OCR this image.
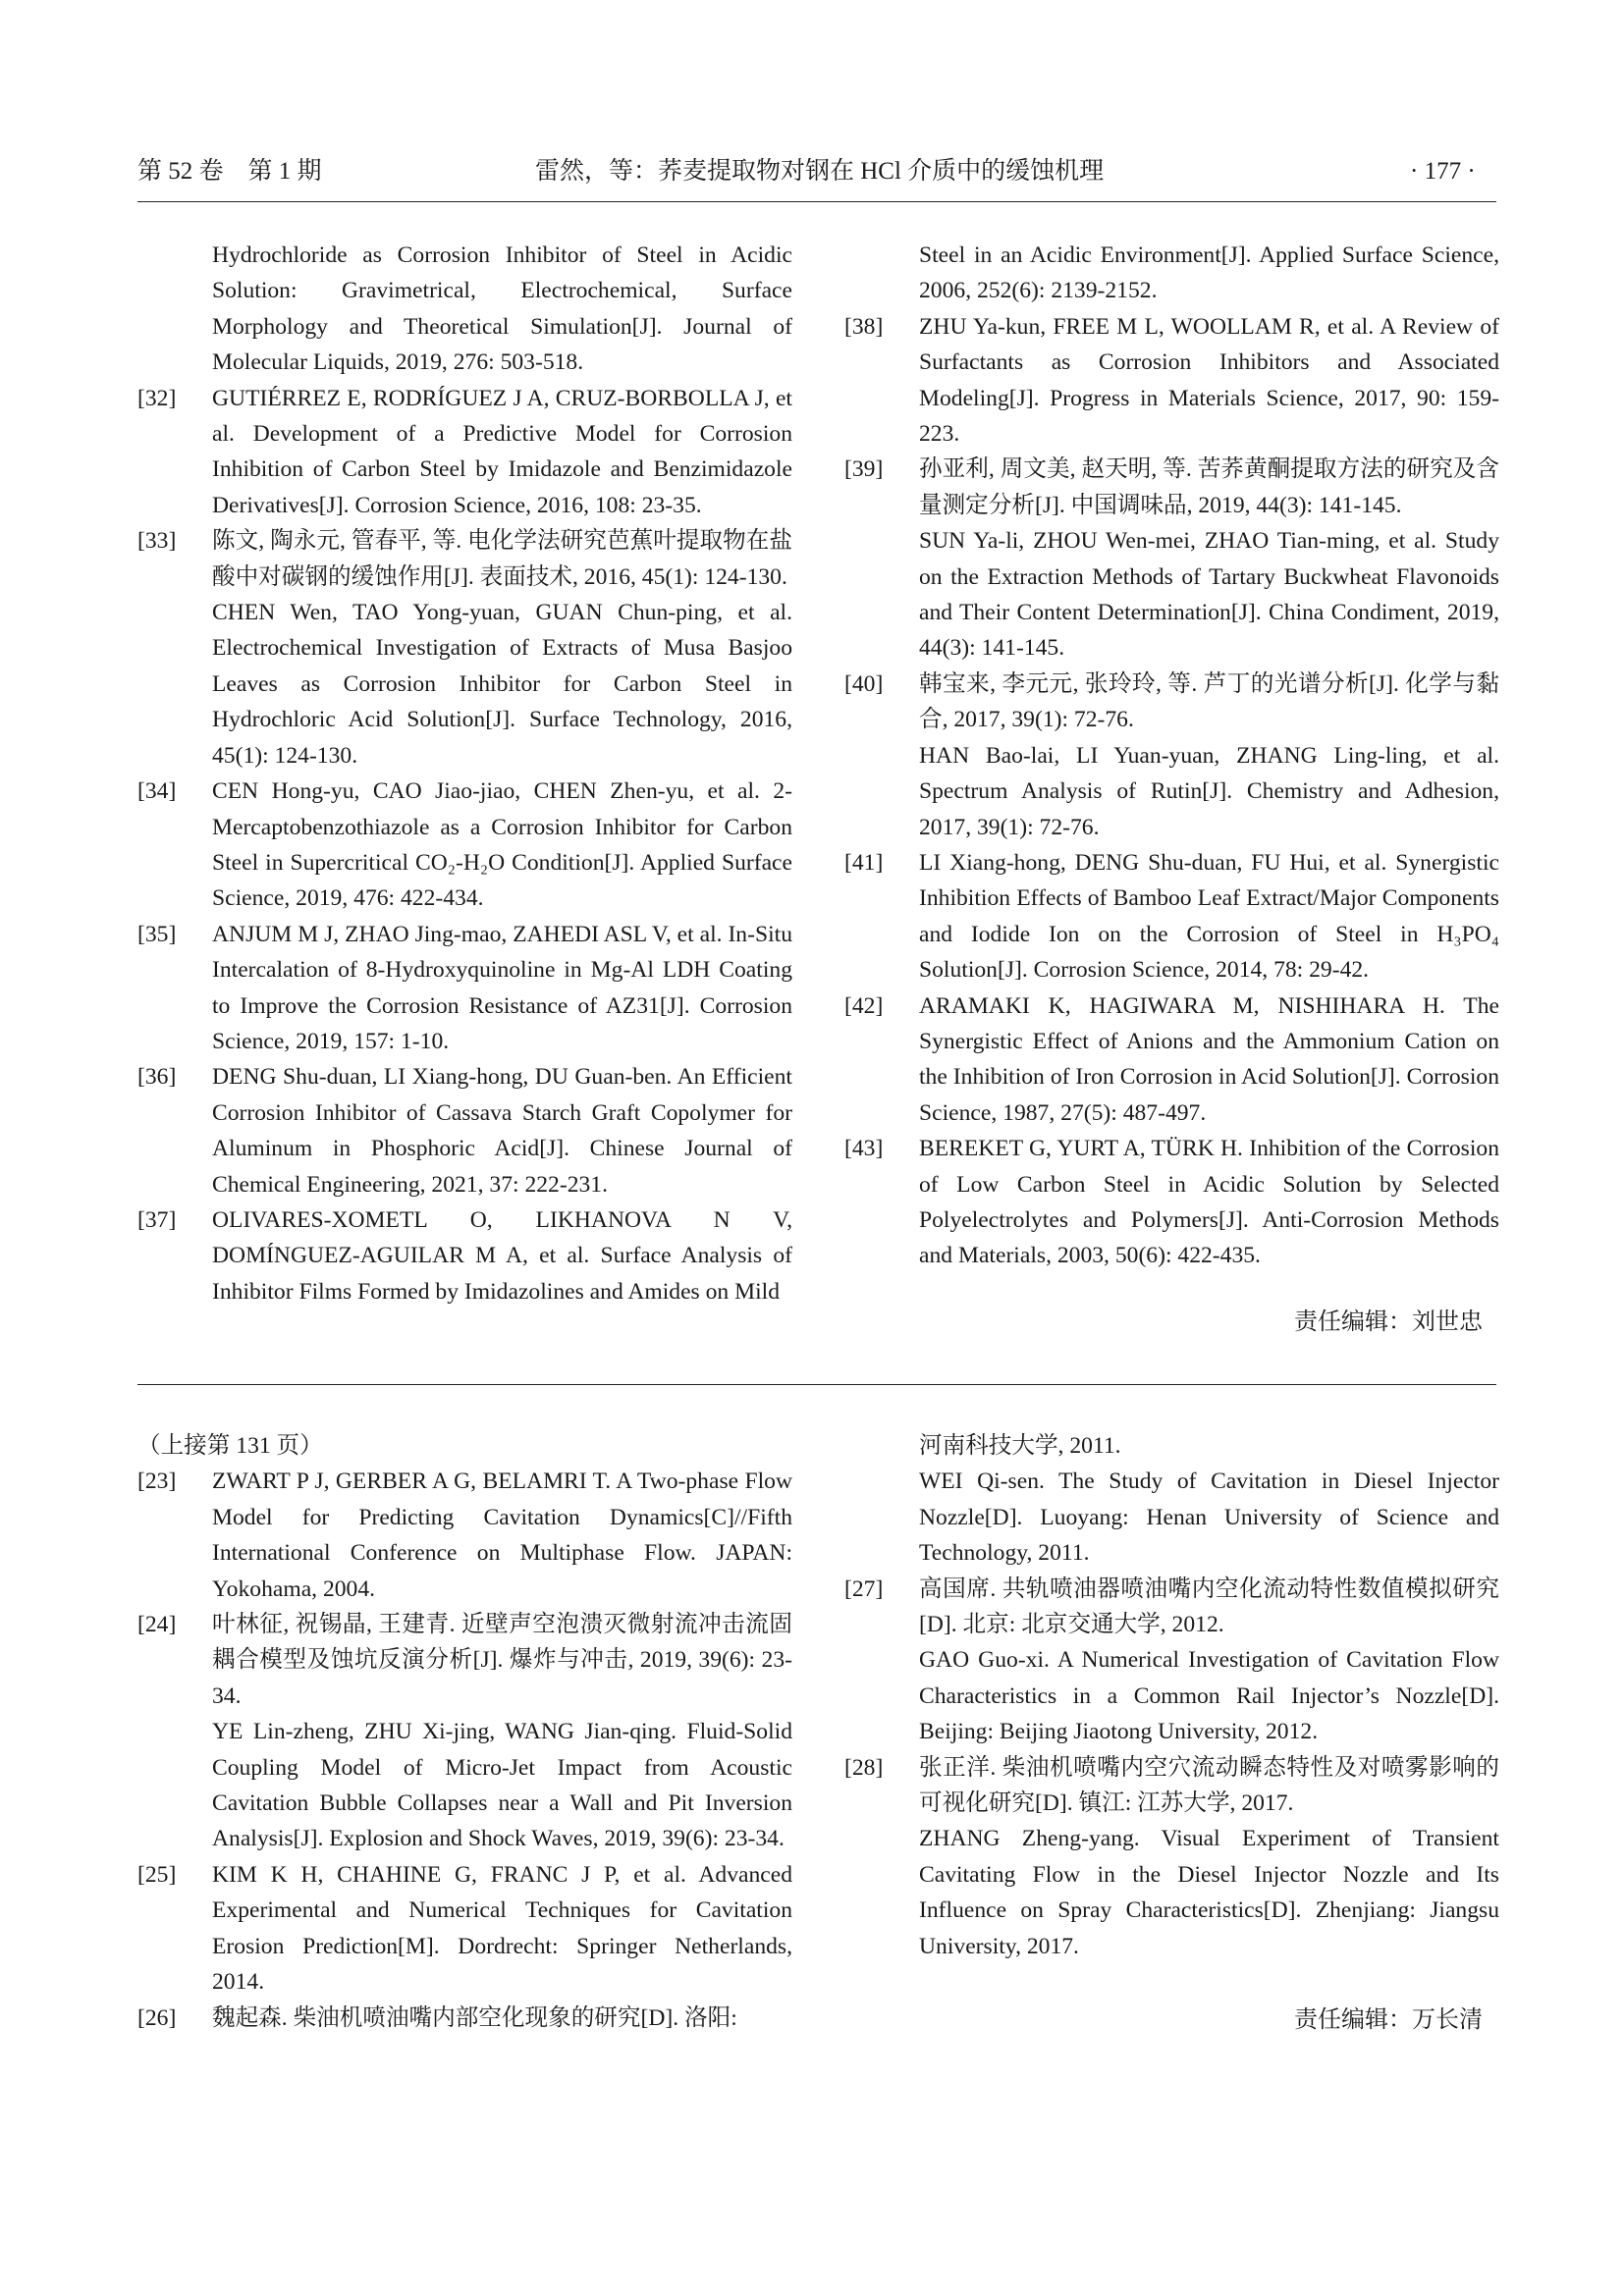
第 52 卷　第 1 期	雷然，等：荞麦提取物对钢在 HCl 介质中的缓蚀机理	· 177 ·
Hydrochloride as Corrosion Inhibitor of Steel in Acidic Solution: Gravimetrical, Electrochemical, Surface Morphology and Theoretical Simulation[J]. Journal of Molecular Liquids, 2019, 276: 503-518.
[32] GUTIÉRREZ E, RODRÍGUEZ J A, CRUZ-BORBOLLA J, et al. Development of a Predictive Model for Corrosion Inhibition of Carbon Steel by Imidazole and Benzimidazole Derivatives[J]. Corrosion Science, 2016, 108: 23-35.
[33] 陈文, 陶永元, 管春平, 等. 电化学法研究芭蕉叶提取物在盐酸中对碳钢的缓蚀作用[J]. 表面技术, 2016, 45(1): 124-130.
CHEN Wen, TAO Yong-yuan, GUAN Chun-ping, et al. Electrochemical Investigation of Extracts of Musa Basjoo Leaves as Corrosion Inhibitor for Carbon Steel in Hydrochloric Acid Solution[J]. Surface Technology, 2016, 45(1): 124-130.
[34] CEN Hong-yu, CAO Jiao-jiao, CHEN Zhen-yu, et al. 2-Mercaptobenzothiazole as a Corrosion Inhibitor for Carbon Steel in Supercritical CO₂-H₂O Condition[J]. Applied Surface Science, 2019, 476: 422-434.
[35] ANJUM M J, ZHAO Jing-mao, ZAHEDI ASL V, et al. In-Situ Intercalation of 8-Hydroxyquinoline in Mg-Al LDH Coating to Improve the Corrosion Resistance of AZ31[J]. Corrosion Science, 2019, 157: 1-10.
[36] DENG Shu-duan, LI Xiang-hong, DU Guan-ben. An Efficient Corrosion Inhibitor of Cassava Starch Graft Copolymer for Aluminum in Phosphoric Acid[J]. Chinese Journal of Chemical Engineering, 2021, 37: 222-231.
[37] OLIVARES-XOMETL O, LIKHANOVA N V, DOMÍNGUEZ-AGUILAR M A, et al. Surface Analysis of Inhibitor Films Formed by Imidazolines and Amides on Mild
Steel in an Acidic Environment[J]. Applied Surface Science, 2006, 252(6): 2139-2152.
[38] ZHU Ya-kun, FREE M L, WOOLLAM R, et al. A Review of Surfactants as Corrosion Inhibitors and Associated Modeling[J]. Progress in Materials Science, 2017, 90: 159-223.
[39] 孙亚利, 周文美, 赵天明, 等. 苦荞黄酮提取方法的研究及含量测定分析[J]. 中国调味品, 2019, 44(3): 141-145.
SUN Ya-li, ZHOU Wen-mei, ZHAO Tian-ming, et al. Study on the Extraction Methods of Tartary Buckwheat Flavonoids and Their Content Determination[J]. China Condiment, 2019, 44(3): 141-145.
[40] 韩宝来, 李元元, 张玲玲, 等. 芦丁的光谱分析[J]. 化学与黏合, 2017, 39(1): 72-76.
HAN Bao-lai, LI Yuan-yuan, ZHANG Ling-ling, et al. Spectrum Analysis of Rutin[J]. Chemistry and Adhesion, 2017, 39(1): 72-76.
[41] LI Xiang-hong, DENG Shu-duan, FU Hui, et al. Synergistic Inhibition Effects of Bamboo Leaf Extract/Major Components and Iodide Ion on the Corrosion of Steel in H₃PO₄ Solution[J]. Corrosion Science, 2014, 78: 29-42.
[42] ARAMAKI K, HAGIWARA M, NISHIHARA H. The Synergistic Effect of Anions and the Ammonium Cation on the Inhibition of Iron Corrosion in Acid Solution[J]. Corrosion Science, 1987, 27(5): 487-497.
[43] BEREKET G, YURT A, TÜRK H. Inhibition of the Corrosion of Low Carbon Steel in Acidic Solution by Selected Polyelectrolytes and Polymers[J]. Anti-Corrosion Methods and Materials, 2003, 50(6): 422-435.
责任编辑：刘世忠
（上接第 131 页）
[23] ZWART P J, GERBER A G, BELAMRI T. A Two-phase Flow Model for Predicting Cavitation Dynamics[C]//Fifth International Conference on Multiphase Flow. JAPAN: Yokohama, 2004.
[24] 叶林征, 祝锡晶, 王建青. 近壁声空泡溃灭微射流冲击流固耦合模型及蚀坑反演分析[J]. 爆炸与冲击, 2019, 39(6): 23-34.
YE Lin-zheng, ZHU Xi-jing, WANG Jian-qing. Fluid-Solid Coupling Model of Micro-Jet Impact from Acoustic Cavitation Bubble Collapses near a Wall and Pit Inversion Analysis[J]. Explosion and Shock Waves, 2019, 39(6): 23-34.
[25] KIM K H, CHAHINE G, FRANC J P, et al. Advanced Experimental and Numerical Techniques for Cavitation Erosion Prediction[M]. Dordrecht: Springer Netherlands, 2014.
[26] 魏起森. 柴油机喷油嘴内部空化现象的研究[D]. 洛阳:
河南科技大学, 2011.
WEI Qi-sen. The Study of Cavitation in Diesel Injector Nozzle[D]. Luoyang: Henan University of Science and Technology, 2011.
[27] 高国席. 共轨喷油器喷油嘴内空化流动特性数值模拟研究[D]. 北京: 北京交通大学, 2012.
GAO Guo-xi. A Numerical Investigation of Cavitation Flow Characteristics in a Common Rail Injector’s Nozzle[D]. Beijing: Beijing Jiaotong University, 2012.
[28] 张正洋. 柴油机喷嘴内空穴流动瞬态特性及对喷雾影响的可视化研究[D]. 镇江: 江苏大学, 2017.
ZHANG Zheng-yang. Visual Experiment of Transient Cavitating Flow in the Diesel Injector Nozzle and Its Influence on Spray Characteristics[D]. Zhenjiang: Jiangsu University, 2017.
责任编辑：万长清
